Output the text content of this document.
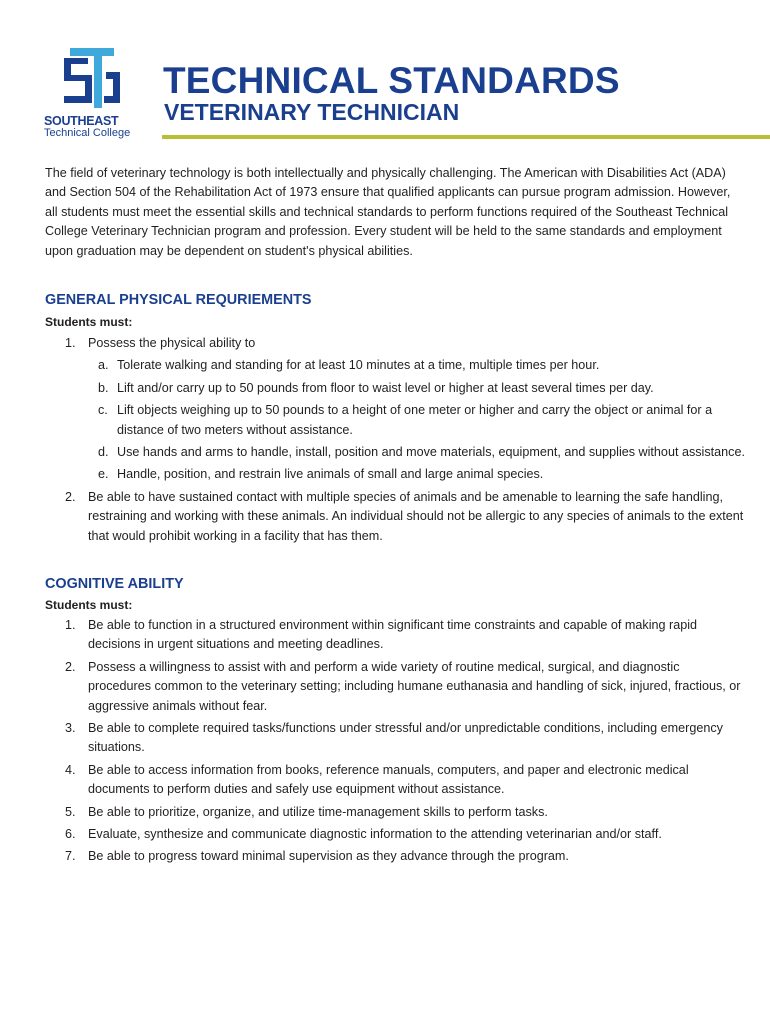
SOUTHEAST
Technical College
TECHNICAL STANDARDS
VETERINARY TECHNICIAN

The field of veterinary technology is both intellectually and physically challenging. The American with Disabilities Act (ADA) and Section 504 of the Rehabilitation Act of 1973 ensure that qualified applicants can pursue program admission. However, all students must meet the essential skills and technical standards to perform functions required of the Southeast Technical College Veterinary Technician program and profession. Every student will be held to the same standards and employment upon graduation may be dependent on student's physical abilities.

GENERAL PHYSICAL REQURIEMENTS

Students must:

1. Possess the physical ability to
a. Tolerate walking and standing for at least 10 minutes at a time, multiple times per hour.
b. Lift and/or carry up to 50 pounds from floor to waist level or higher at least several times per day.
c. Lift objects weighing up to 50 pounds to a height of one meter or higher and carry the object or animal for a distance of two meters without assistance.
d. Use hands and arms to handle, install, position and move materials, equipment, and supplies without assistance.
e. Handle, position, and restrain live animals of small and large animal species.
2. Be able to have sustained contact with multiple species of animals and be amenable to learning the safe handling, restraining and working with these animals. An individual should not be allergic to any species of animals to the extent that would prohibit working in a facility that has them.
COGNITIVE ABILITY

Students must:

1. Be able to function in a structured environment within significant time constraints and capable of making rapid decisions in urgent situations and meeting deadlines.
2. Possess a willingness to assist with and perform a wide variety of routine medical, surgical, and diagnostic procedures common to the veterinary setting; including humane euthanasia and handling of sick, injured, fractious, or aggressive animals without fear.
3. Be able to complete required tasks/functions under stressful and/or unpredictable conditions, including emergency situations.
4. Be able to access information from books, reference manuals, computers, and paper and electronic medical documents to perform duties and safely use equipment without assistance.
5. Be able to prioritize, organize, and utilize time-management skills to perform tasks.
6. Evaluate, synthesize and communicate diagnostic information to the attending veterinarian and/or staff.
7. Be able to progress toward minimal supervision as they advance through the program.
